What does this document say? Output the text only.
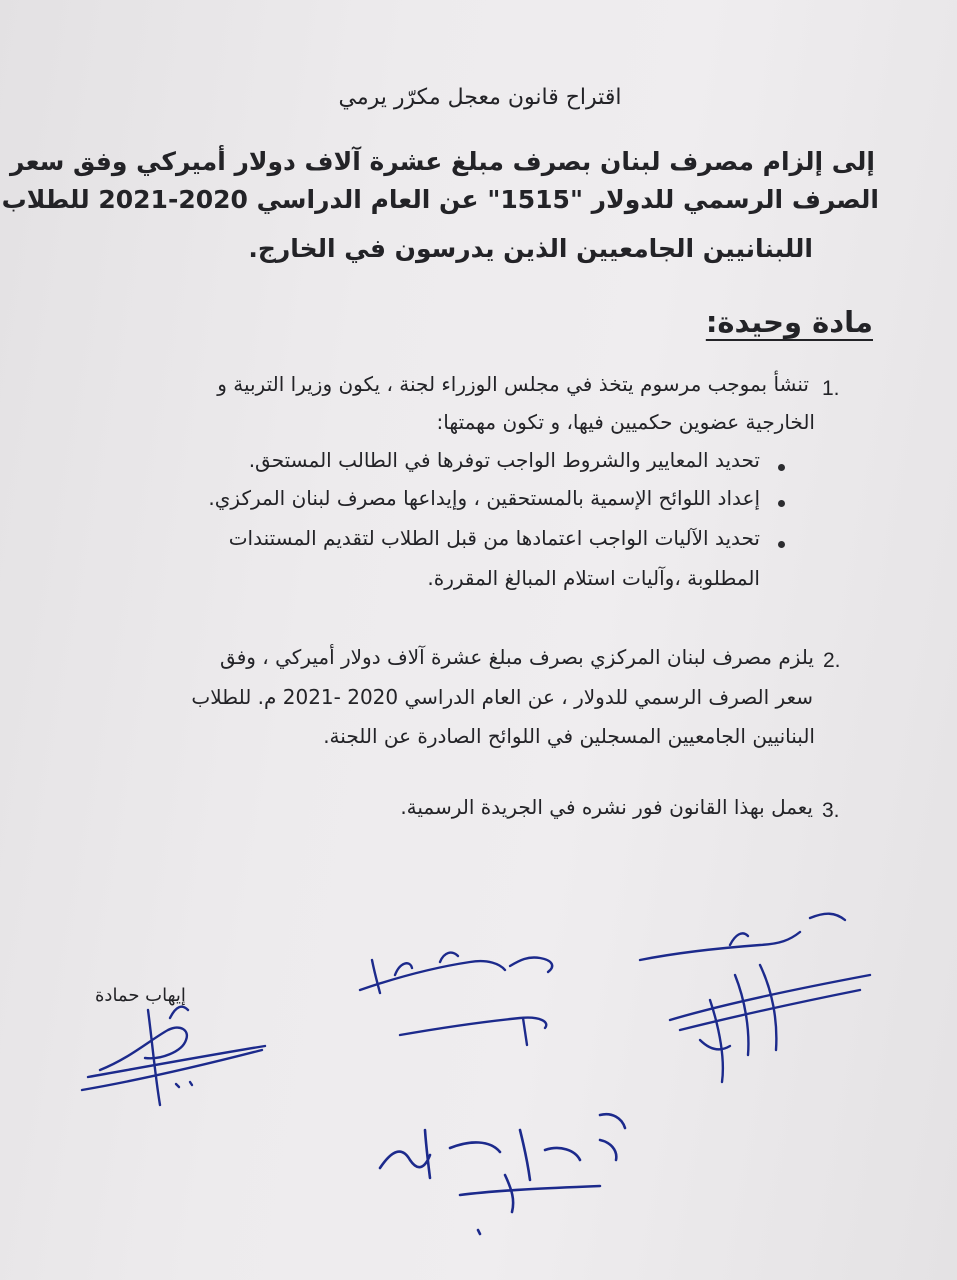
اقتراح قانون معجل مكرّر يرمي

إلى إلزام مصرف لبنان بصرف مبلغ عشرة آلاف دولار أميركي وفق سعر

الصرف الرسمي للدولار "1515" عن العام الدراسي 2020-2021 للطلاب

اللبنانيين الجامعيين الذين يدرسون في الخارج.

مادة وحيدة:

1.

تنشأ بموجب مرسوم يتخذ في مجلس الوزراء لجنة ، يكون وزيرا التربية و

الخارجية عضوين حكميين فيها، و تكون مهمتها:

تحديد المعايير والشروط الواجب توفرها في الطالب المستحق.

إعداد اللوائح الإسمية بالمستحقين ، وإيداعها مصرف لبنان المركزي.

تحديد الآليات الواجب اعتمادها من قبل الطلاب لتقديم المستندات

المطلوبة ،وآليات استلام المبالغ المقررة.

2.

يلزم مصرف لبنان المركزي بصرف مبلغ عشرة آلاف دولار أميركي ، وفق

سعر الصرف الرسمي للدولار ، عن العام الدراسي 2020 -2021 م. للطلاب

البنانيين الجامعيين المسجلين في اللوائح الصادرة عن اللجنة.

3.

يعمل بهذا القانون فور نشره في الجريدة الرسمية.

إيهاب حمادة
